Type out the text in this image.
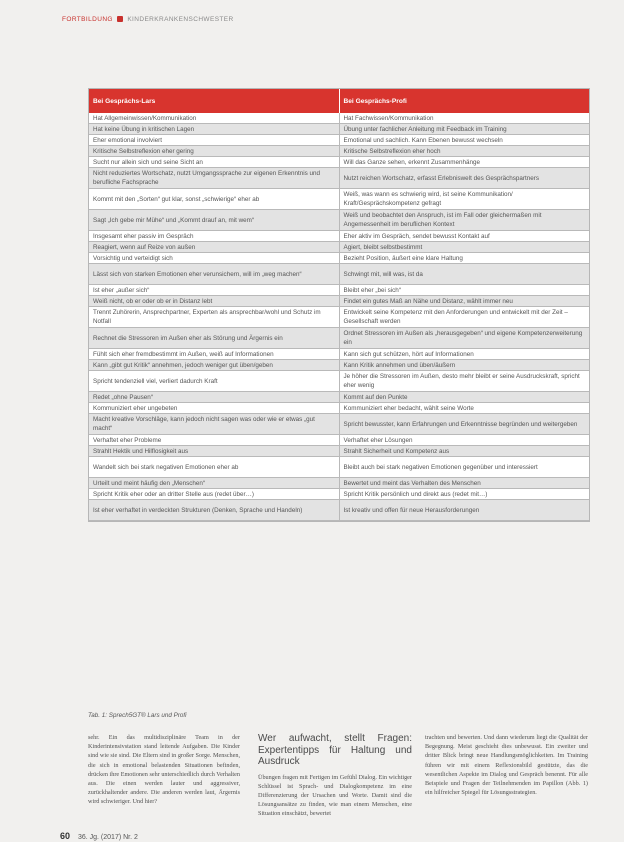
FORTBILDUNG KINDERKRANKENSCHWESTER
Bei Gesprächs-Lars	Bei Gesprächs-Profi
Hat Allgemeinwissen/Kommunikation	Hat Fachwissen/Kommunikation
Hat keine Übung in kritischen Lagen	Übung unter fachlicher Anleitung mit Feedback im Training
Eher emotional involviert	Emotional und sachlich. Kann Ebenen bewusst wechseln
Kritische Selbstreflexion eher gering	Kritische Selbstreflexion eher hoch
Sucht nur allein sich und seine Sicht an	Will das Ganze sehen, erkennt Zusammenhänge
Nicht reduziertes Wortschatz, nutzt Umgangssprache zur eigenen Erkenntnis und berufliche Fachsprache	Nutzt reichen Wortschatz, erfasst Erlebniswelt des Gesprächspartners
Kommt mit den „Sorten“ gut klar, sonst „schwierige“ eher ab	Weiß, was wann es schwierig wird, ist seine Kommunikation/ Kraft/Gesprächskompetenz gefragt
Sagt „Ich gebe mir Mühe“ und „Kommt drauf an, mit wem“	Weiß und beobachtet den Anspruch, ist im Fall oder gleichermaßen mit Angemessenheit im beruflichen Kontext
Insgesamt eher passiv im Gespräch	Eher aktiv im Gespräch, sendet bewusst Kontakt auf
Reagiert, wenn auf Reize von außen	Agiert, bleibt selbstbestimmt
Vorsichtig und verteidigt sich	Bezieht Position, äußert eine klare Haltung
Lässt sich von starken Emotionen eher verunsichern, will im „weg machen“	Schwingt mit, will was, ist da
Ist eher „außer sich“	Bleibt eher „bei sich“
Weiß nicht, ob er oder ob er in Distanz lebt	Findet ein gutes Maß an Nähe und Distanz, wählt immer neu
Trennt Zuhörerin, Ansprechpartner, Experten als ansprechbar/wohl und Schutz im Notfall	Entwickelt seine Kompetenz mit den Anforderungen und entwickelt mit der Zeit – Gesellschaft werden
Rechnet die Stressoren im Außen eher als Störung und Ärgernis ein	Ordnet Stressoren im Außen als „herausgegeben“ und eigene Kompetenzerweiterung ein
Fühlt sich eher fremdbestimmt im Außen, weiß auf Informationen	Kann sich gut schützen, hört auf Informationen
Kann „gibt gut Kritik“ annehmen, jedoch weniger gut üben/geben	Kann Kritik annehmen und üben/äußern
Spricht tendenziell viel, verliert dadurch Kraft	Je höher die Stressoren im Außen, desto mehr bleibt er seine Ausdruckskraft, spricht eher wenig
Redet „ohne Pausen“	Kommt auf den Punkte
Kommuniziert eher ungebeten	Kommuniziert eher bedacht, wählt seine Worte
Macht kreative Vorschläge, kann jedoch nicht sagen was oder wie er etwas „gut macht“	Spricht bewusster, kann Erfahrungen und Erkenntnisse begründen und weitergeben
Verhaftet eher Probleme	Verhaftet eher Lösungen
Strahlt Hektik und Hilflosigkeit aus	Strahlt Sicherheit und Kompetenz aus
Wandelt sich bei stark negativen Emotionen eher ab	Bleibt auch bei stark negativen Emotionen gegenüber und interessiert
Urteilt und meint häufig den „Menschen“	Bewertet und meint das Verhalten des Menschen
Spricht Kritik eher oder an dritter Stelle aus (redet über…)	Spricht Kritik persönlich und direkt aus (redet mit…)
Ist eher verhaftet in verdeckten Strukturen (Denken, Sprache und Handeln)	Ist kreativ und offen für neue Herausforderungen
Tab. 1: Sprech5GT® Lars und Profi
sehr. Ein das multidisziplinäre Team in der Kinderintensivstation stand leitende Aufgaben. Die Kinder sind wie sie sind. Die Eltern sind in großer Sorge. Menschen, die sich in emotional belastenden Situationen befinden, drücken ihre Emotionen sehr unterschiedlich durch Verhalten aus. Die einen werden lauter und aggressiver, zurückhaltender andere. Die anderen werden laut, Ärgernis wird schwieriger. Und hier?
Wer aufwacht, stellt Fragen: Expertentipps für Haltung und Ausdruck
Übungen fragen mit Fertigen im Gefühl Dialog. Ein wichtiger Schlüssel ist Sprach- und Dialogkompetenz im eine Differenzierung der Ursachen und Worte. Damit sind die Lösungsansätze zu finden, wie man einem Menschen, eine Situation einschätzt, bewertet
trachten und bewerten. Und dann wiederum liegt die Qualität der Begegnung. Meist geschieht dies unbewusst. Ein zweiter und dritter Blick bringt neue Handlungsmöglichkeiten. Im Training führen wir mit einem Reflexionsbild gestützte, das die wesentlichen Aspekte im Dialog und Gespräch benennt. Für alle Beispiele und Fragen der Teilnehmenden im Papillon (Abb. 1) ein hilfreicher Spiegel für Lösungsstrategien.
60 36. Jg. (2017) Nr. 2
